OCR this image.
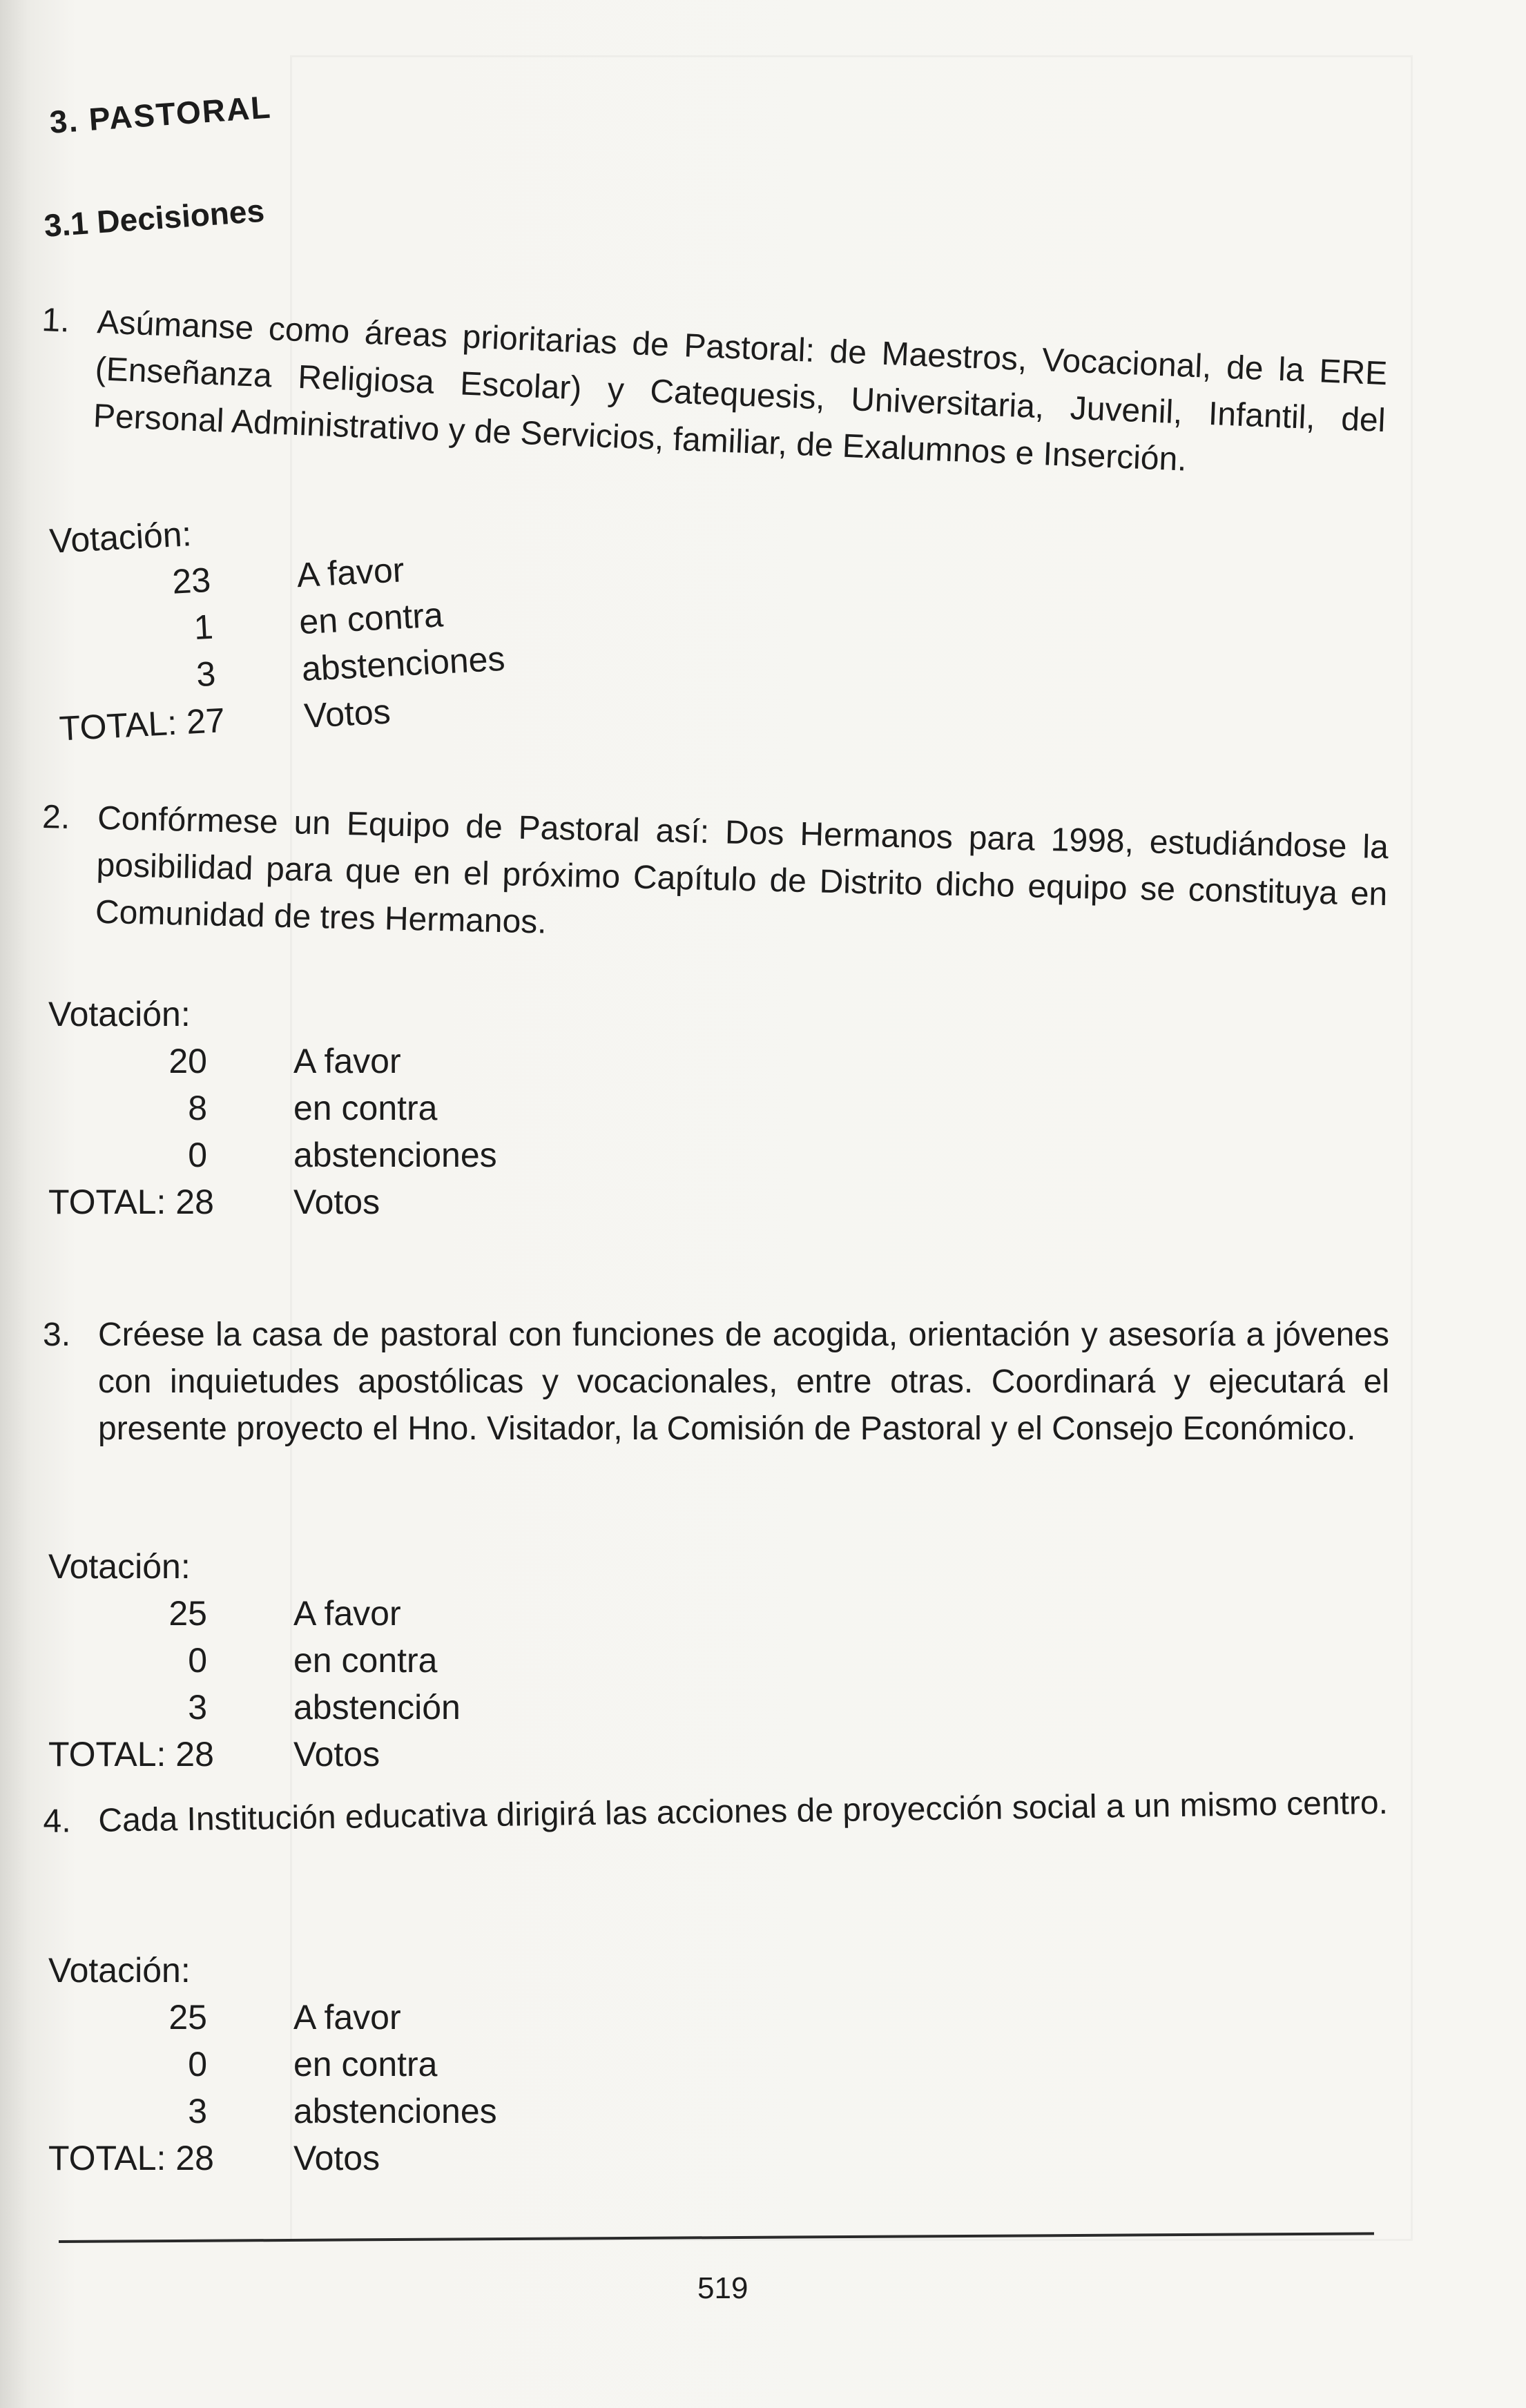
3. PASTORAL
3.1 Decisiones
1. Asúmanse como áreas prioritarias de Pastoral: de Maestros, Vocacional, de la ERE (Enseñanza Religiosa Escolar) y Catequesis, Universitaria, Juvenil, Infantil, del Personal Administrativo y de Servicios, familiar, de Exalumnos e Inserción.
Votación:
23 A favor
1 en contra
3 abstenciones
TOTAL: 27 Votos
2. Confórmese un Equipo de Pastoral así: Dos Hermanos para 1998, estudiándose la posibilidad para que en el próximo Capítulo de Distrito dicho equipo se constituya en Comunidad de tres Hermanos.
Votación:
20	A favor
8	en contra
0	abstenciones
TOTAL: 28 Votos
3. Créese la casa de pastoral con funciones de acogida, orientación y asesoría a jóvenes con inquietudes apostólicas y vocacionales, entre otras. Coordinará y ejecutará el presente proyecto el Hno. Visitador, la Comisión de Pastoral y el Consejo Económico.
Votación:
25	A favor
0	en contra
3	abstención
TOTAL: 28 Votos
4. Cada Institución educativa dirigirá las acciones de proyección social a un mismo centro.
Votación:
25	A favor
0	en contra
3	abstenciones
TOTAL: 28 Votos
519
